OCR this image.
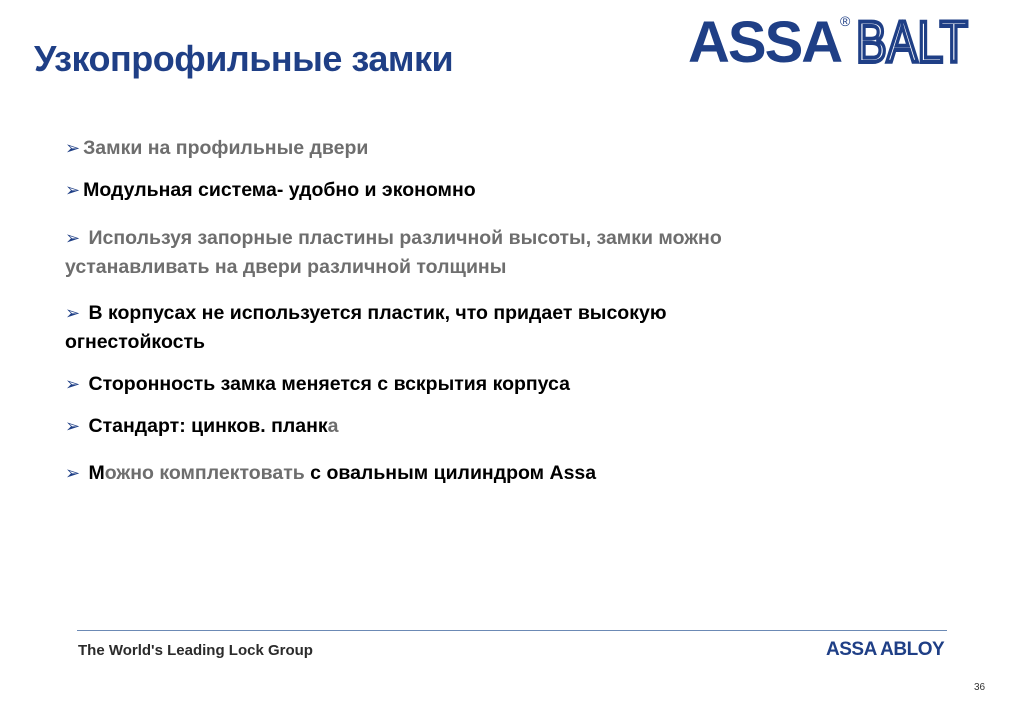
Узкопрофильные замки	ASSA
® BALT
➢ Замки на профильные двери
➢ Модульная система- удобно и экономно
➢ Используя запорные пластины различной высоты, замки можно устанавливать на двери различной толщины
➢ В корпусах не используется пластик, что придает высокую огнестойкость
➢ Сторонность замка меняется с вскрытия корпуса
➢ Стандарт: цинков. планка
➢ Можно комплектовать с овальным цилиндром Assa
The World's Leading Lock Group	ASSA ABLOY
36
